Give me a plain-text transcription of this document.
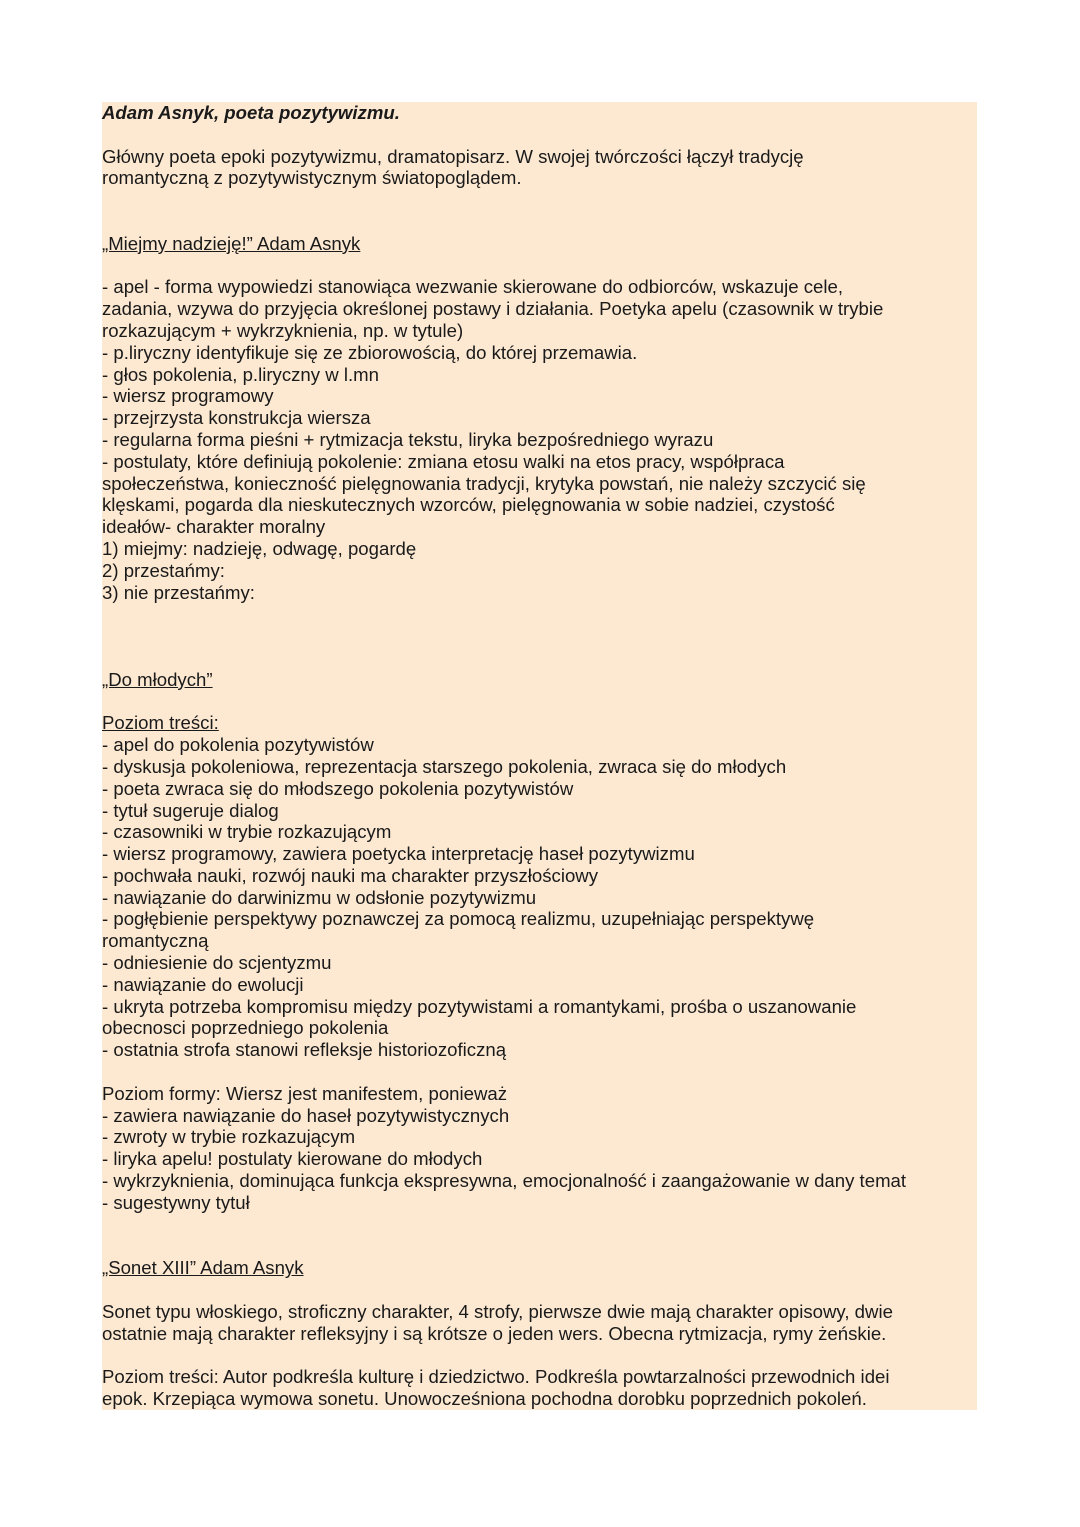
Adam Asnyk, poeta pozytywizmu.
Główny poeta epoki pozytywizmu, dramatopisarz. W swojej twórczości łączył tradycję
romantyczną z pozytywistycznym światopoglądem.
„Miejmy nadzieję!” Adam Asnyk
- apel - forma wypowiedzi stanowiąca wezwanie skierowane do odbiorców, wskazuje cele,
zadania, wzywa do przyjęcia określonej postawy i działania. Poetyka apelu (czasownik w trybie
rozkazującym + wykrzyknienia, np. w tytule)
- p.liryczny identyfikuje się ze zbiorowością, do której przemawia.
- głos pokolenia, p.liryczny w l.mn
- wiersz programowy
- przejrzysta konstrukcja wiersza
- regularna forma pieśni + rytmizacja tekstu, liryka bezpośredniego wyrazu
- postulaty, które definiują pokolenie: zmiana etosu walki na etos pracy, współpraca
społeczeństwa, konieczność pielęgnowania tradycji, krytyka powstań, nie należy szczycić się
klęskami, pogarda dla nieskutecznych wzorców, pielęgnowania w sobie nadziei, czystość
ideałów- charakter moralny
1) miejmy: nadzieję, odwagę, pogardę
2) przestańmy:
3) nie przestańmy:
„Do młodych”
Poziom treści:
- apel do pokolenia pozytywistów
- dyskusja pokoleniowa, reprezentacja starszego pokolenia, zwraca się do młodych
- poeta zwraca się do młodszego pokolenia pozytywistów
- tytuł sugeruje dialog
- czasowniki w trybie rozkazującym
- wiersz programowy, zawiera poetycka interpretację haseł pozytywizmu
- pochwała nauki, rozwój nauki ma charakter przyszłościowy
- nawiązanie do darwinizmu w odsłonie pozytywizmu
- pogłębienie perspektywy poznawczej za pomocą realizmu, uzupełniając perspektywę
romantyczną
- odniesienie do scjentyzmu
- nawiązanie do ewolucji
- ukryta potrzeba kompromisu między pozytywistami a romantykami, prośba o uszanowanie
obecnosci poprzedniego pokolenia
- ostatnia strofa stanowi refleksje historiozoficzną
Poziom formy: Wiersz jest manifestem, ponieważ
- zawiera nawiązanie do haseł pozytywistycznych
- zwroty w trybie rozkazującym
- liryka apelu! postulaty kierowane do młodych
- wykrzyknienia, dominująca funkcja ekspresywna, emocjonalność i zaangażowanie w dany temat
- sugestywny tytuł
„Sonet XIII” Adam Asnyk
Sonet typu włoskiego, stroficzny charakter, 4 strofy, pierwsze dwie mają charakter opisowy, dwie
ostatnie mają charakter refleksyjny i są krótsze o jeden wers. Obecna rytmizacja, rymy żeńskie.
Poziom treści: Autor podkreśla kulturę i dziedzictwo. Podkreśla powtarzalności przewodnich idei
epok. Krzepiąca wymowa sonetu. Unowocześniona pochodna dorobku poprzednich pokoleń.
